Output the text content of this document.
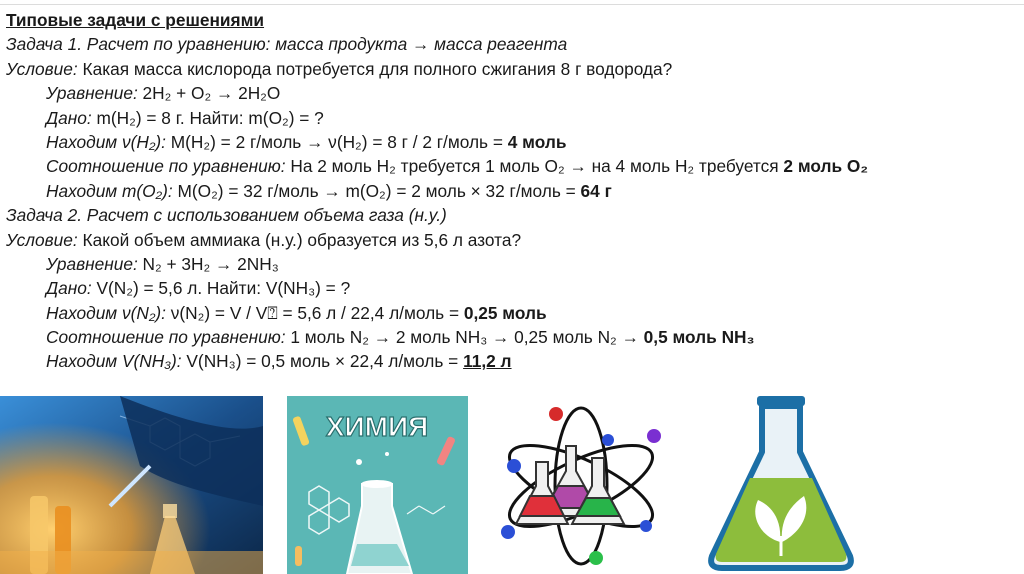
Типовые задачи с решениями
Задача 1. Расчет по уравнению: масса продукта → масса реагента
Условие: Какая масса кислорода потребуется для полного сжигания 8 г водорода?
Уравнение: 2H₂ + O₂ → 2H₂O
Дано: m(H₂) = 8 г. Найти: m(O₂) = ?
Находим ν(H₂): M(H₂) = 2 г/моль → ν(H₂) = 8 г / 2 г/моль = 4 моль
Соотношение по уравнению: На 2 моль H₂ требуется 1 моль O₂ → на 4 моль H₂ требуется 2 моль O₂
Находим m(O₂): M(O₂) = 32 г/моль → m(O₂) = 2 моль × 32 г/моль = 64 г
Задача 2. Расчет с использованием объема газа (н.у.)
Условие: Какой объем аммиака (н.у.) образуется из 5,6 л азота?
Уравнение: N₂ + 3H₂ → 2NH₃
Дано: V(N₂) = 5,6 л. Найти: V(NH₃) = ?
Находим ν(N₂): ν(N₂) = V / V⍰ = 5,6 л / 22,4 л/моль = 0,25 моль
Соотношение по уравнению: 1 моль N₂ → 2 моль NH₃ → 0,25 моль N₂ → 0,5 моль NH₃
Находим V(NH₃): V(NH₃) = 0,5 моль × 22,4 л/моль = 11,2 л
ХИМИЯ
